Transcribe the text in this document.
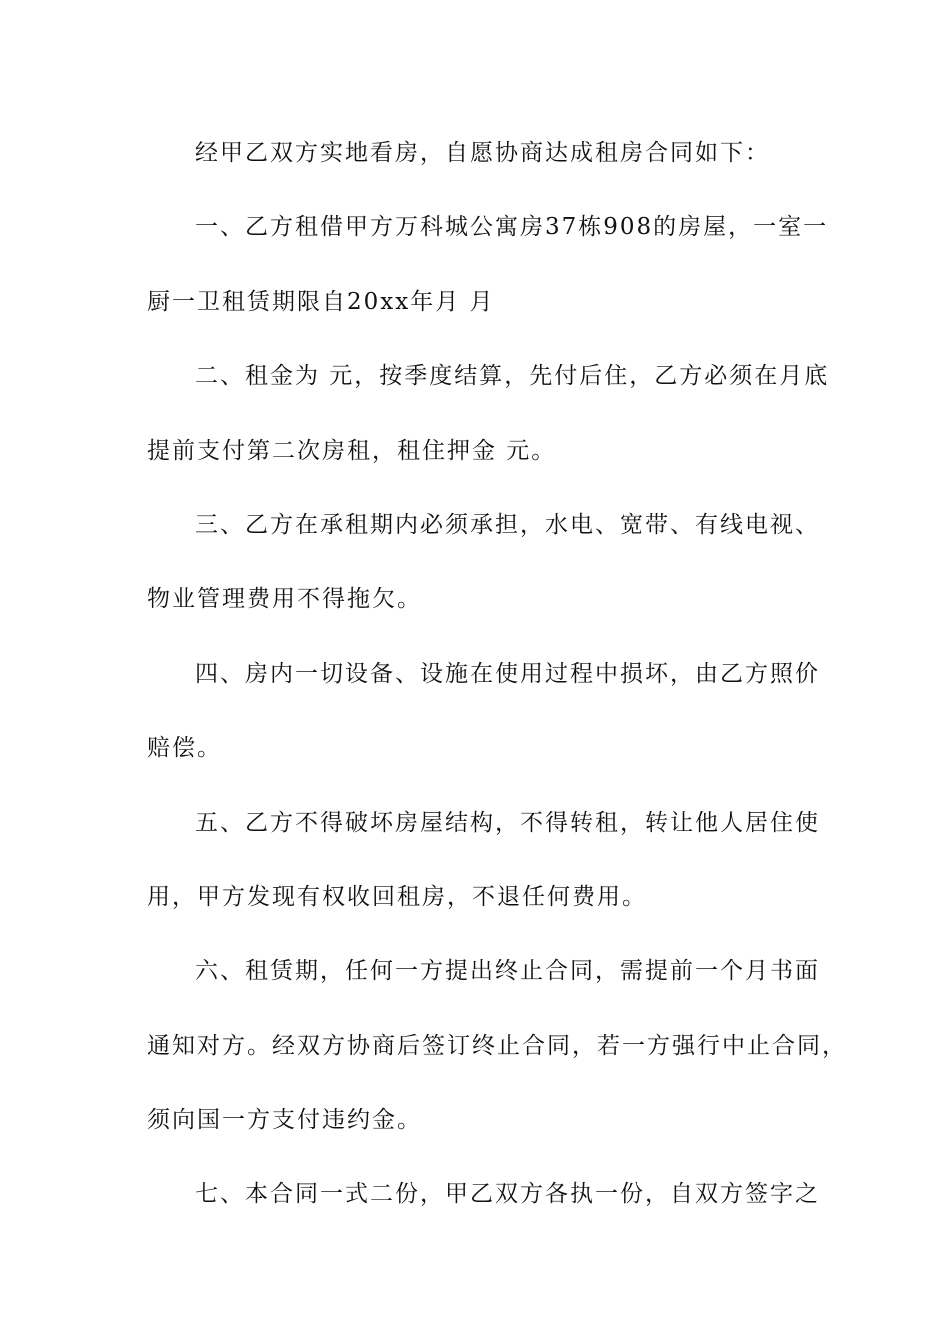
经甲乙双方实地看房，自愿协商达成租房合同如下：
一、乙方租借甲方万科城公寓房37栋908的房屋，一室一
厨一卫租赁期限自20xx年月 月
二、租金为 元，按季度结算，先付后住，乙方必须在月底
提前支付第二次房租，租住押金 元。
三、乙方在承租期内必须承担，水电、宽带、有线电视、
物业管理费用不得拖欠。
四、房内一切设备、设施在使用过程中损坏，由乙方照价
赔偿。
五、乙方不得破坏房屋结构，不得转租，转让他人居住使
用，甲方发现有权收回租房，不退任何费用。
六、租赁期，任何一方提出终止合同，需提前一个月书面
通知对方。经双方协商后签订终止合同，若一方强行中止合同，
须向国一方支付违约金。
七、本合同一式二份，甲乙双方各执一份，自双方签字之
